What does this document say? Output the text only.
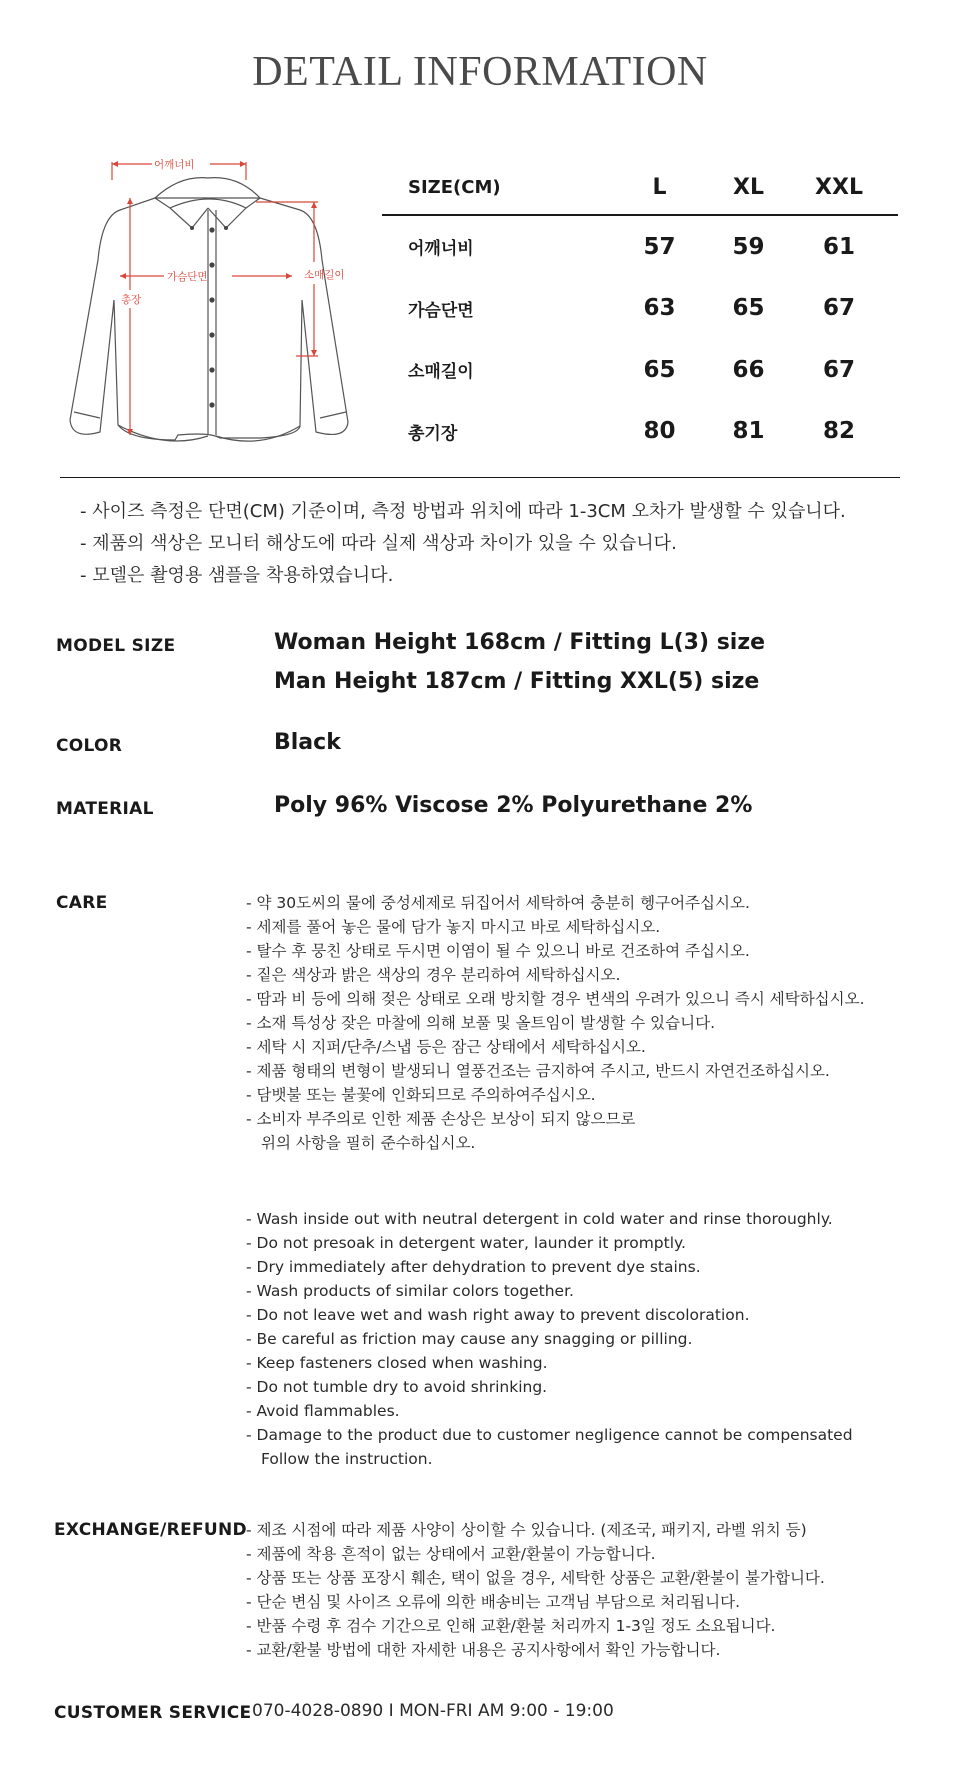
DETAIL INFORMATION
어깨너비
가슴단면
총장
소매길이
SIZE(CM)	L	XL	XXL
어깨너비	57	59	61
가슴단면	63	65	67
소매길이	65	66	67
총기장	80	81	82
- 사이즈 측정은 단면(CM) 기준이며, 측정 방법과 위치에 따라 1-3CM 오차가 발생할 수 있습니다.
- 제품의 색상은 모니터 해상도에 따라 실제 색상과 차이가 있을 수 있습니다.
- 모델은 촬영용 샘플을 착용하였습니다.
MODEL SIZE	Woman Height 168cm / Fitting L(3) size
Man Height 187cm / Fitting XXL(5) size
COLOR	Black
MATERIAL	Poly 96% Viscose 2% Polyurethane 2%
CARE	- 약 30도씨의 물에 중성세제로 뒤집어서 세탁하여 충분히 헹구어주십시오.
- 세제를 풀어 놓은 물에 담가 놓지 마시고 바로 세탁하십시오.
- 탈수 후 뭉친 상태로 두시면 이염이 될 수 있으니 바로 건조하여 주십시오.
- 짙은 색상과 밝은 색상의 경우 분리하여 세탁하십시오.
- 땀과 비 등에 의해 젖은 상태로 오래 방치할 경우 변색의 우려가 있으니 즉시 세탁하십시오.
- 소재 특성상 잦은 마찰에 의해 보풀 및 올트임이 발생할 수 있습니다.
- 세탁 시 지퍼/단추/스냅 등은 잠근 상태에서 세탁하십시오.
- 제품 형태의 변형이 발생되니 열풍건조는 금지하여 주시고, 반드시 자연건조하십시오.
- 담뱃불 또는 불꽃에 인화되므로 주의하여주십시오.
- 소비자 부주의로 인한 제품 손상은 보상이 되지 않으므로
위의 사항을 필히 준수하십시오.
- Wash inside out with neutral detergent in cold water and rinse thoroughly.
- Do not presoak in detergent water, launder it promptly.
- Dry immediately after dehydration to prevent dye stains.
- Wash products of similar colors together.
- Do not leave wet and wash right away to prevent discoloration.
- Be careful as friction may cause any snagging or pilling.
- Keep fasteners closed when washing.
- Do not tumble dry to avoid shrinking.
- Avoid flammables.
- Damage to the product due to customer negligence cannot be compensated
Follow the instruction.
EXCHANGE/REFUND - 제조 시점에 따라 제품 사양이 상이할 수 있습니다. (제조국, 패키지, 라벨 위치 등)
- 제품에 착용 흔적이 없는 상태에서 교환/환불이 가능합니다.
- 상품 또는 상품 포장시 훼손, 택이 없을 경우, 세탁한 상품은 교환/환불이 불가합니다.
- 단순 변심 및 사이즈 오류에 의한 배송비는 고객님 부담으로 처리됩니다.
- 반품 수령 후 검수 기간으로 인해 교환/환불 처리까지 1-3일 정도 소요됩니다.
- 교환/환불 방법에 대한 자세한 내용은 공지사항에서 확인 가능합니다.
CUSTOMER SERVICE 070-4028-0890 I MON-FRI AM 9:00 - 19:00
